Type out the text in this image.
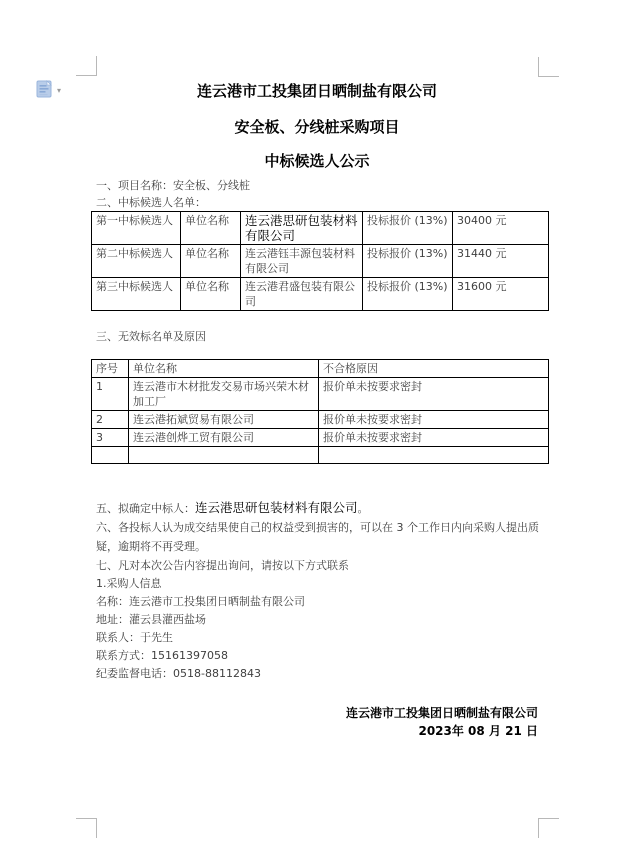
▾	连云港市工投集团日晒制盐有限公司
安全板、分线桩采购项目
中标候选人公示
一、项目名称：安全板、分线桩
二、中标候选人名单：
第一中标候选人	单位名称	连云港思研包装材料有限公司	投标报价 (13%)	30400 元
第二中标候选人	单位名称	连云港钰丰源包装材料有限公司	投标报价 (13%)	31440 元
第三中标候选人	单位名称	连云港君盛包装有限公司	投标报价 (13%)	31600 元
三、无效标名单及原因
序号	单位名称	不合格原因
1	连云港市木材批发交易市场兴荣木材加工厂	报价单未按要求密封
2	连云港拓斌贸易有限公司	报价单未按要求密封
3	连云港创烨工贸有限公司	报价单未按要求密封

五、拟确定中标人：连云港思研包装材料有限公司。
六、各投标人认为成交结果使自己的权益受到损害的，可以在 3 个工作日内向采购人提出质
疑，逾期将不再受理。
七、凡对本次公告内容提出询问，请按以下方式联系
1.采购人信息
名称：连云港市工投集团日晒制盐有限公司
地址：灌云县灌西盐场
联系人：于先生
联系方式：15161397058
纪委监督电话：0518-88112843
连云港市工投集团日晒制盐有限公司
2023年 08 月 21 日
